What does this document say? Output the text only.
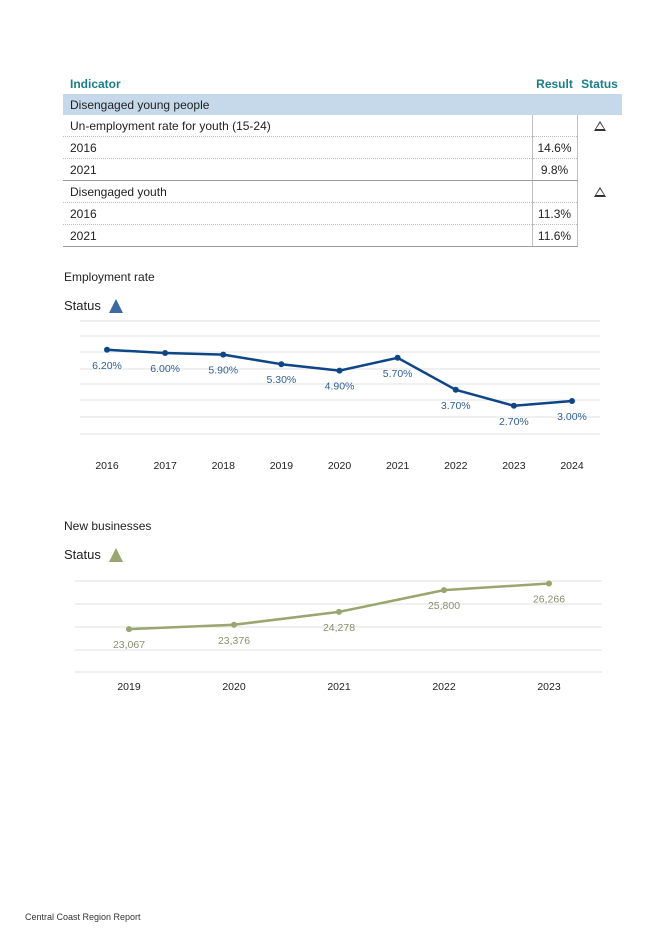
Indicator	Result	Status
Disengaged young people		
Un-employment rate for youth (15-24)		
2016	14.6%	
2021	9.8%	
Disengaged youth		
2016	11.3%	
2021	11.6%	
Employment rate
Status
6.20%
2016
6.00%
2017
5.90%
2018
5.30%
2019
4.90%
2020
5.70%
2021
3.70%
2022
2.70%
2023
3.00%
2024
New businesses
Status
23,067
2019
23,376
2020
24,278
2021
25,800
2022
26,266
2023
Central Coast Region Report
